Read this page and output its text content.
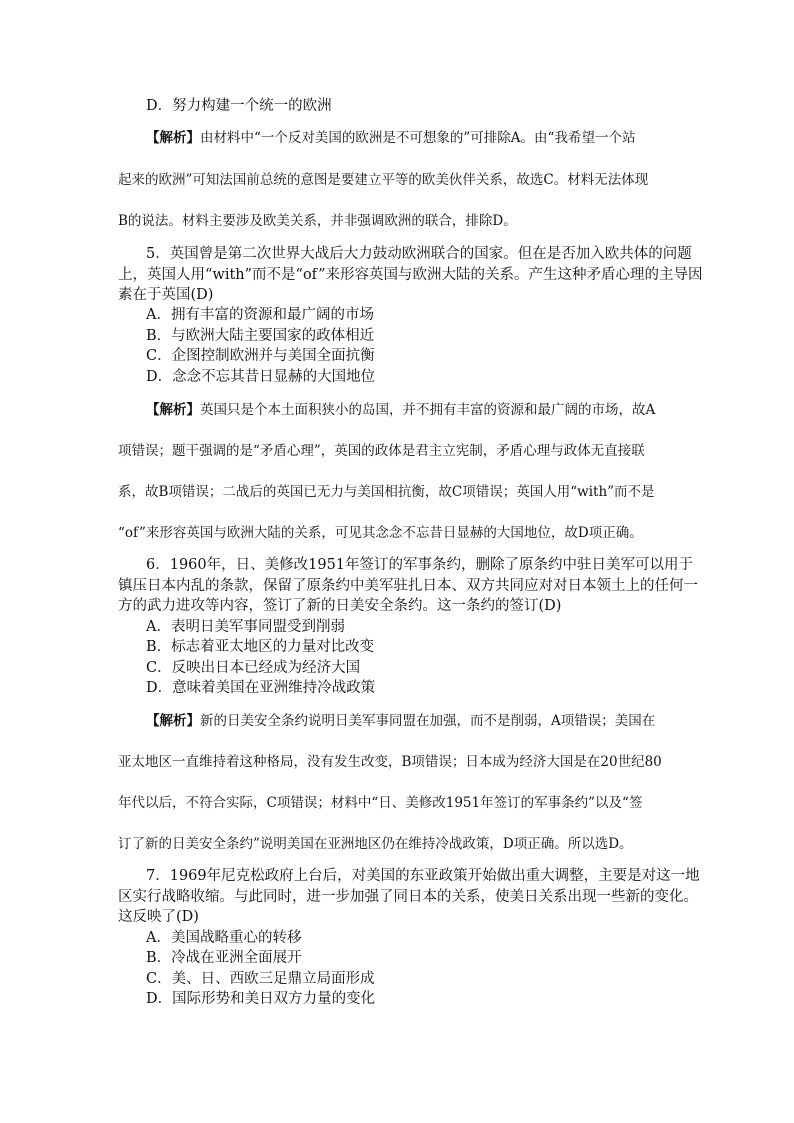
D．努力构建一个统一的欧洲
【解析】由材料中“一个反对美国的欧洲是不可想象的”可排除A。由“我希望一个站
起来的欧洲”可知法国前总统的意图是要建立平等的欧美伙伴关系，故选C。材料无法体现
B的说法。材料主要涉及欧美关系，并非强调欧洲的联合，排除D。
5．英国曾是第二次世界大战后大力鼓动欧洲联合的国家。但在是否加入欧共体的问题
上，英国人用“with”而不是“of”来形容英国与欧洲大陆的关系。产生这种矛盾心理的主导因
素在于英国(D)
A．拥有丰富的资源和最广阔的市场
B．与欧洲大陆主要国家的政体相近
C．企图控制欧洲并与美国全面抗衡
D．念念不忘其昔日显赫的大国地位
【解析】英国只是个本土面积狭小的岛国，并不拥有丰富的资源和最广阔的市场，故A
项错误；题干强调的是“矛盾心理”，英国的政体是君主立宪制，矛盾心理与政体无直接联
系，故B项错误；二战后的英国已无力与美国相抗衡，故C项错误；英国人用“with”而不是
“of”来形容英国与欧洲大陆的关系，可见其念念不忘昔日显赫的大国地位，故D项正确。
6．1960年，日、美修改1951年签订的军事条约，删除了原条约中驻日美军可以用于
镇压日本内乱的条款，保留了原条约中美军驻扎日本、双方共同应对对日本领土上的任何一
方的武力进攻等内容，签订了新的日美安全条约。这一条约的签订(D)
A．表明日美军事同盟受到削弱
B．标志着亚太地区的力量对比改变
C．反映出日本已经成为经济大国
D．意味着美国在亚洲维持冷战政策
【解析】新的日美安全条约说明日美军事同盟在加强，而不是削弱，A项错误；美国在
亚太地区一直维持着这种格局，没有发生改变，B项错误；日本成为经济大国是在20世纪80
年代以后，不符合实际，C项错误；材料中“日、美修改1951年签订的军事条约”以及“签
订了新的日美安全条约”说明美国在亚洲地区仍在维持冷战政策，D项正确。所以选D。
7．1969年尼克松政府上台后，对美国的东亚政策开始做出重大调整，主要是对这一地
区实行战略收缩。与此同时，进一步加强了同日本的关系，使美日关系出现一些新的变化。
这反映了(D)
A．美国战略重心的转移
B．冷战在亚洲全面展开
C．美、日、西欧三足鼎立局面形成
D．国际形势和美日双方力量的变化
